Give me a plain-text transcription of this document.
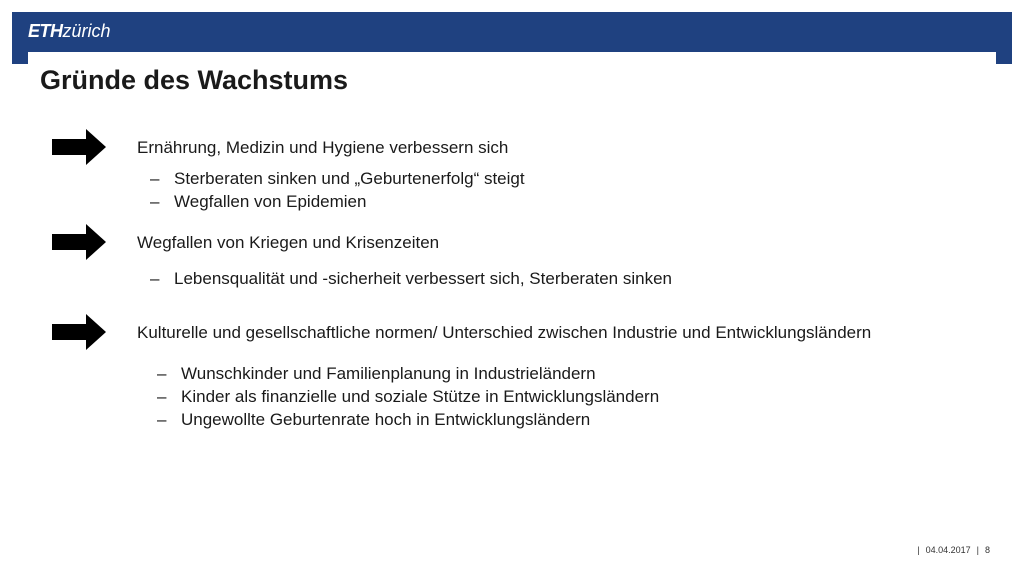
ETHzürich
Gründe des Wachstums
Ernährung, Medizin und Hygiene verbessern sich
– Sterberaten sinken und „Geburtenerfolg“ steigt
– Wegfallen von Epidemien
Wegfallen von Kriegen und Krisenzeiten
– Lebensqualität und -sicherheit verbessert sich, Sterberaten sinken
Kulturelle und gesellschaftliche normen/ Unterschied zwischen Industrie und Entwicklungsländern
– Wunschkinder und Familienplanung in Industrieländern
– Kinder als finanzielle und soziale Stütze in Entwicklungsländern
– Ungewollte Geburtenrate hoch in Entwicklungsländern
| 04.04.2017 | 8
